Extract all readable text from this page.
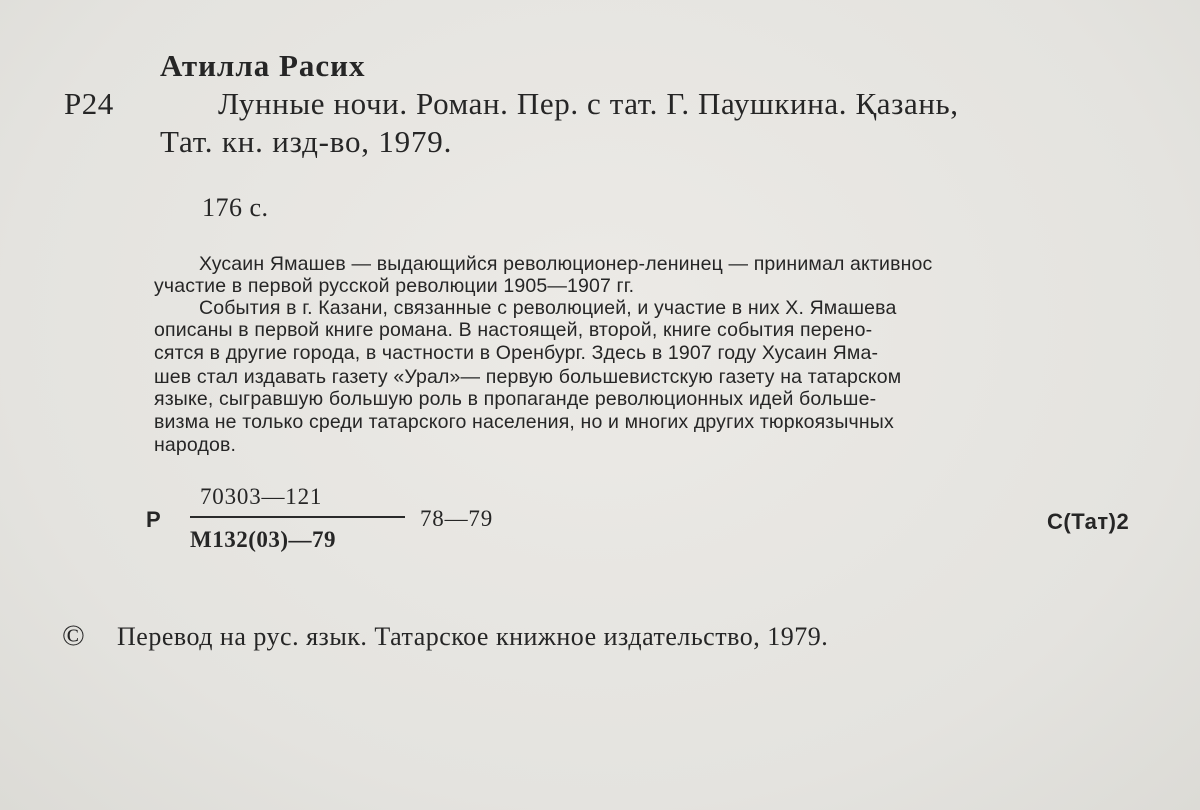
Атилла Расих

Р24	Лунные ночи. Роман. Пер. с тат. Г. Паушкина. Қазань,

Тат. кн. изд-во, 1979.

176 с.

Хусаин Ямашев — выдающийся революционер-ленинец — принимал активнос

участие в первой русской революции 1905—1907 гг.

События в г. Казани, связанные с революцией, и участие в них Х. Ямашева

описаны в первой книге романа. В настоящей, второй, книге события перено-

сятся в другие города, в частности в Оренбург. Здесь в 1907 году Хусаин Яма-

шев стал издавать газету «Урал»— первую большевистскую газету на татарском

языке, сыгравшую большую роль в пропаганде революционных идей больше-

визма не только среди татарского населения, но и многих других тюркоязычных

народов.

Р

70303—121

М132(03)—79

78—79	С(Тат)2

© Перевод на рус. язык. Татарское книжное издательство, 1979.
